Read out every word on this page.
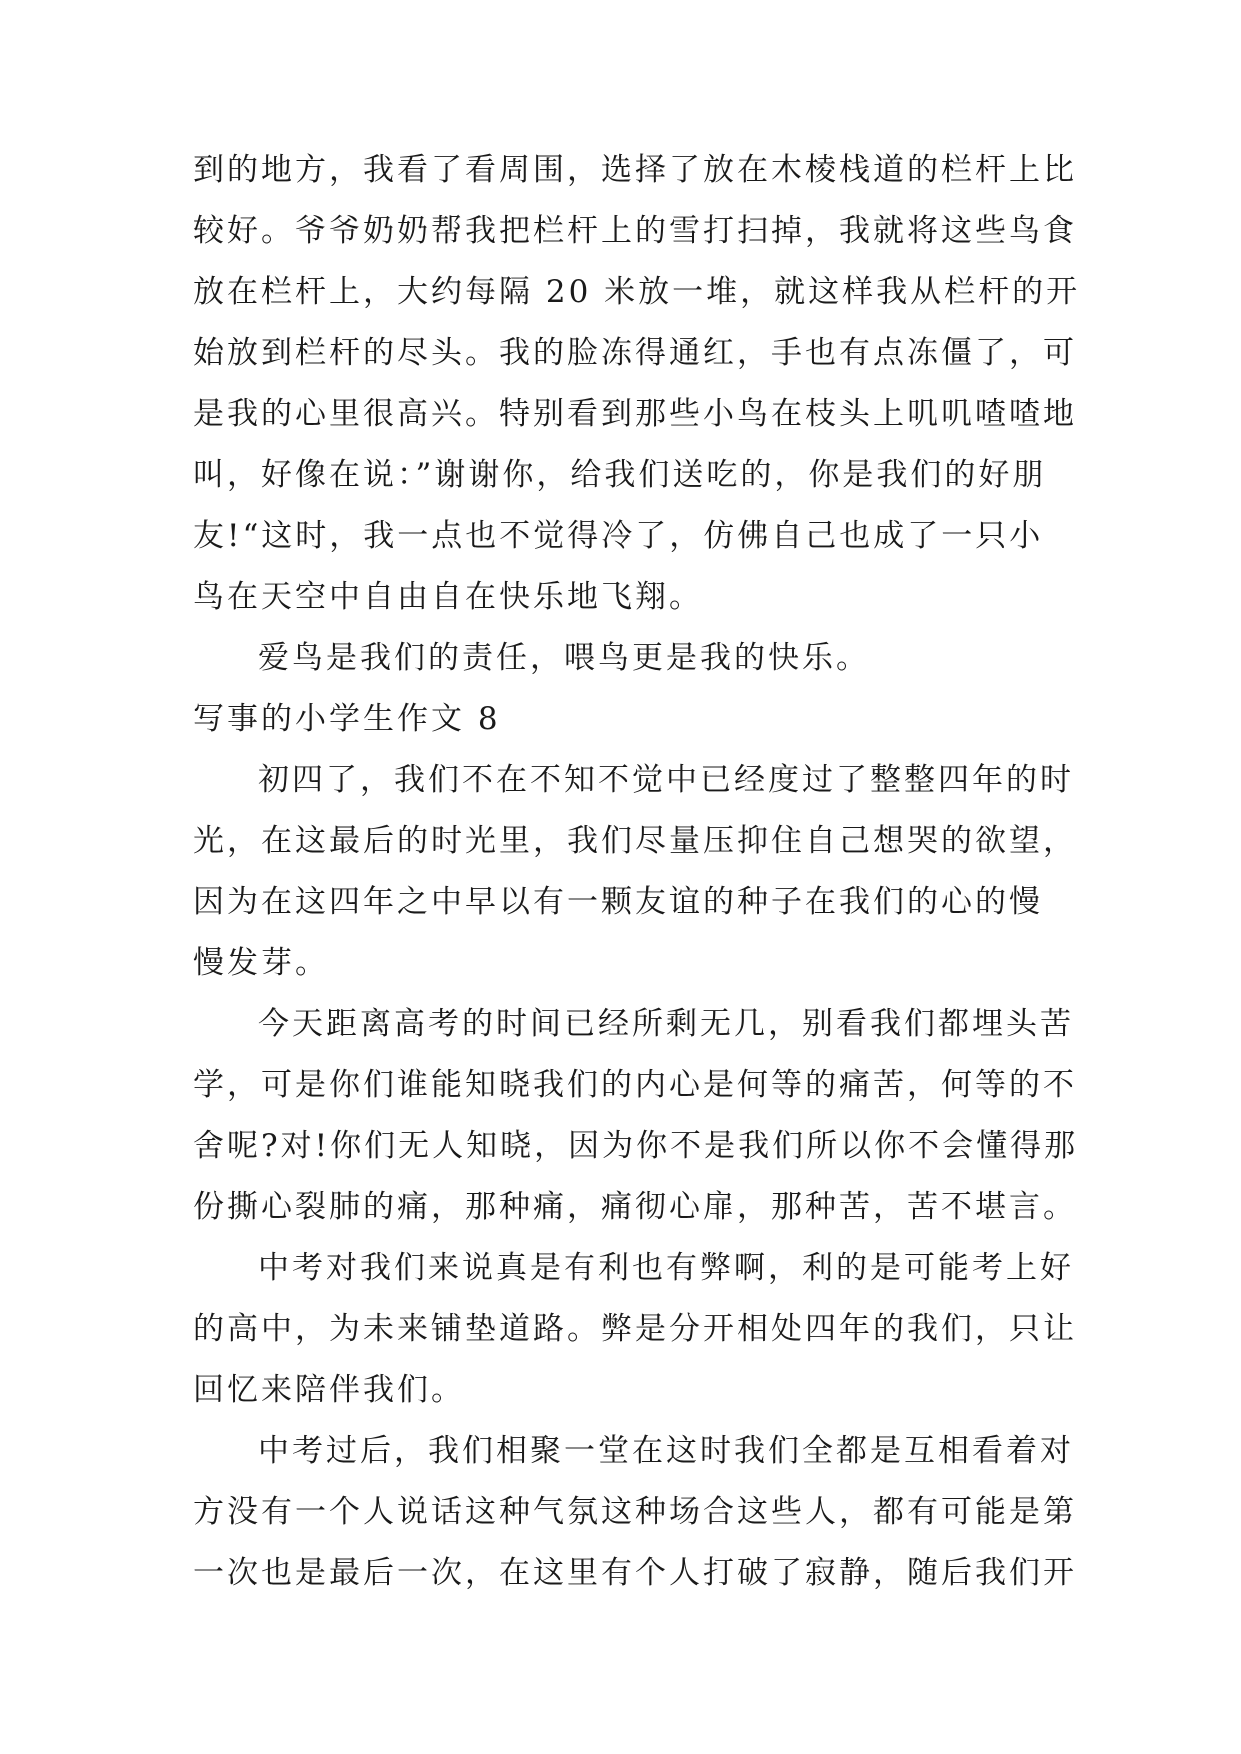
到的地方，我看了看周围，选择了放在木棱栈道的栏杆上比
较好。爷爷奶奶帮我把栏杆上的雪打扫掉，我就将这些鸟食
放在栏杆上，大约每隔 20 米放一堆，就这样我从栏杆的开
始放到栏杆的尽头。我的脸冻得通红，手也有点冻僵了，可
是我的心里很高兴。特别看到那些小鸟在枝头上叽叽喳喳地
叫，好像在说：”谢谢你，给我们送吃的，你是我们的好朋
友!“这时，我一点也不觉得冷了，仿佛自己也成了一只小
鸟在天空中自由自在快乐地飞翔。
爱鸟是我们的责任，喂鸟更是我的快乐。
写事的小学生作文 8
初四了，我们不在不知不觉中已经度过了整整四年的时
光，在这最后的时光里，我们尽量压抑住自己想哭的欲望，
因为在这四年之中早以有一颗友谊的种子在我们的心的慢
慢发芽。
今天距离高考的时间已经所剩无几，别看我们都埋头苦
学，可是你们谁能知晓我们的内心是何等的痛苦，何等的不
舍呢?对!你们无人知晓，因为你不是我们所以你不会懂得那
份撕心裂肺的痛，那种痛，痛彻心扉，那种苦，苦不堪言。
中考对我们来说真是有利也有弊啊，利的是可能考上好
的高中，为未来铺垫道路。弊是分开相处四年的我们，只让
回忆来陪伴我们。
中考过后，我们相聚一堂在这时我们全都是互相看着对
方没有一个人说话这种气氛这种场合这些人，都有可能是第
一次也是最后一次，在这里有个人打破了寂静，随后我们开
